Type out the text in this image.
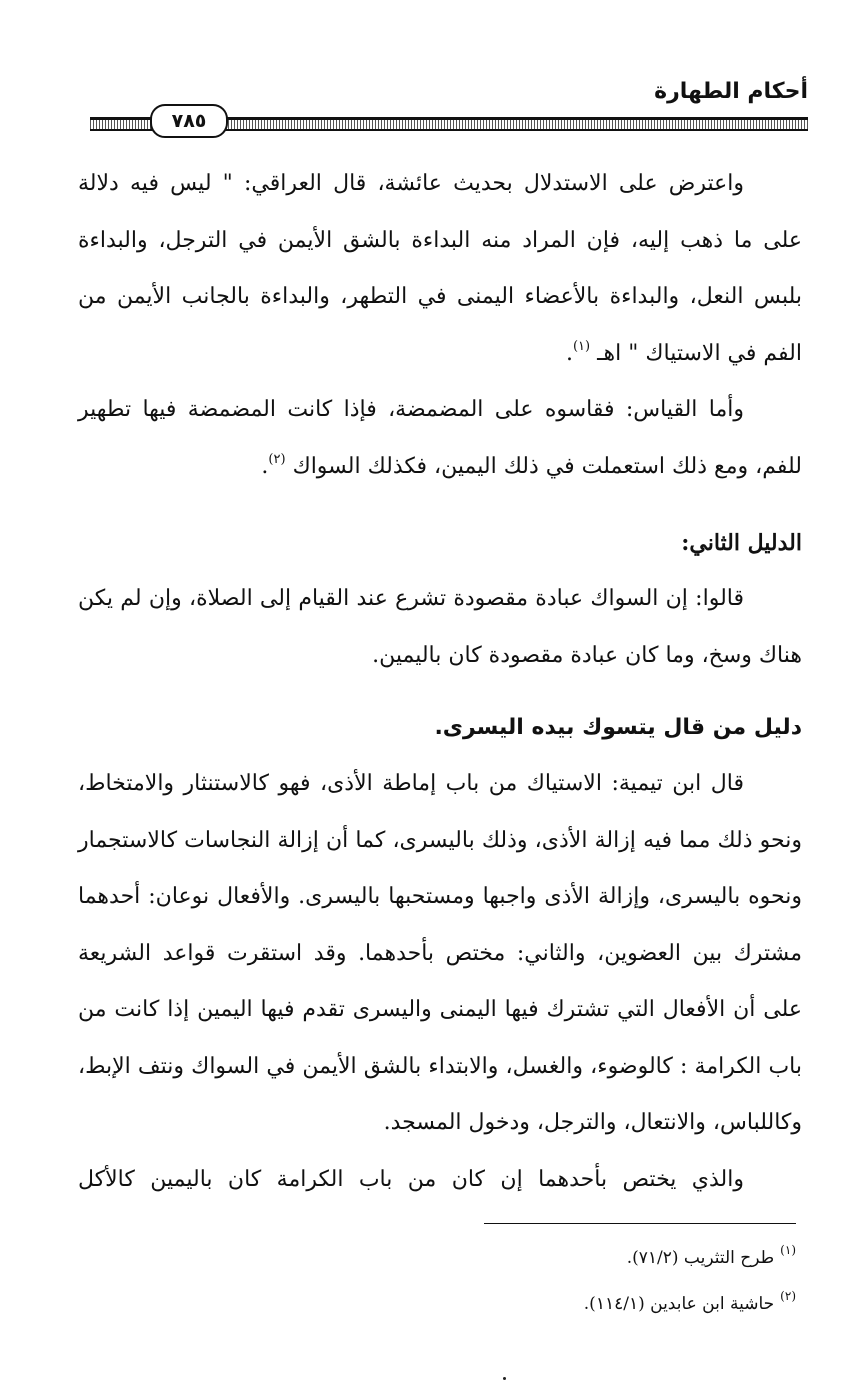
أحكام الطهارة
٧٨٥

واعترض على الاستدلال بحديث عائشة، قال العراقي: " ليس فيه دلالة على ما ذهب إليه، فإن المراد منه البداءة بالشق الأيمن في الترجل، والبداءة بلبس النعل، والبداءة بالأعضاء اليمنى في التطهر، والبداءة بالجانب الأيمن من الفم في الاستياك " اهـ $^{(١)}$.

وأما القياس: فقاسوه على المضمضة، فإذا كانت المضمضة فيها تطهير للفم، ومع ذلك استعملت في ذلك اليمين، فكذلك السواك $^{(٢)}$.

الدليل الثاني:

قالوا: إن السواك عبادة مقصودة تشرع عند القيام إلى الصلاة، وإن لم يكن هناك وسخ، وما كان عبادة مقصودة كان باليمين.

دليل من قال يتسوك بيده اليسرى.

قال ابن تيمية: الاستياك من باب إماطة الأذى، فهو كالاستنثار والامتخاط، ونحو ذلك مما فيه إزالة الأذى، وذلك باليسرى، كما أن إزالة النجاسات كالاستجمار ونحوه باليسرى، وإزالة الأذى واجبها ومستحبها باليسرى. والأفعال نوعان: أحدهما مشترك بين العضوين، والثاني: مختص بأحدهما. وقد استقرت قواعد الشريعة على أن الأفعال التي تشترك فيها اليمنى واليسرى تقدم فيها اليمين إذا كانت من باب الكرامة : كالوضوء، والغسل، والابتداء بالشق الأيمن في السواك ونتف الإبط، وكاللباس، والانتعال، والترجل، ودخول المسجد.

والذي يختص بأحدهما إن كان من باب الكرامة كان باليمين كالأكل

$^{(١)}$طرح التثريب (٧١/٢).

$^{(٢)}$حاشية ابن عابدين (١١٤/١).
